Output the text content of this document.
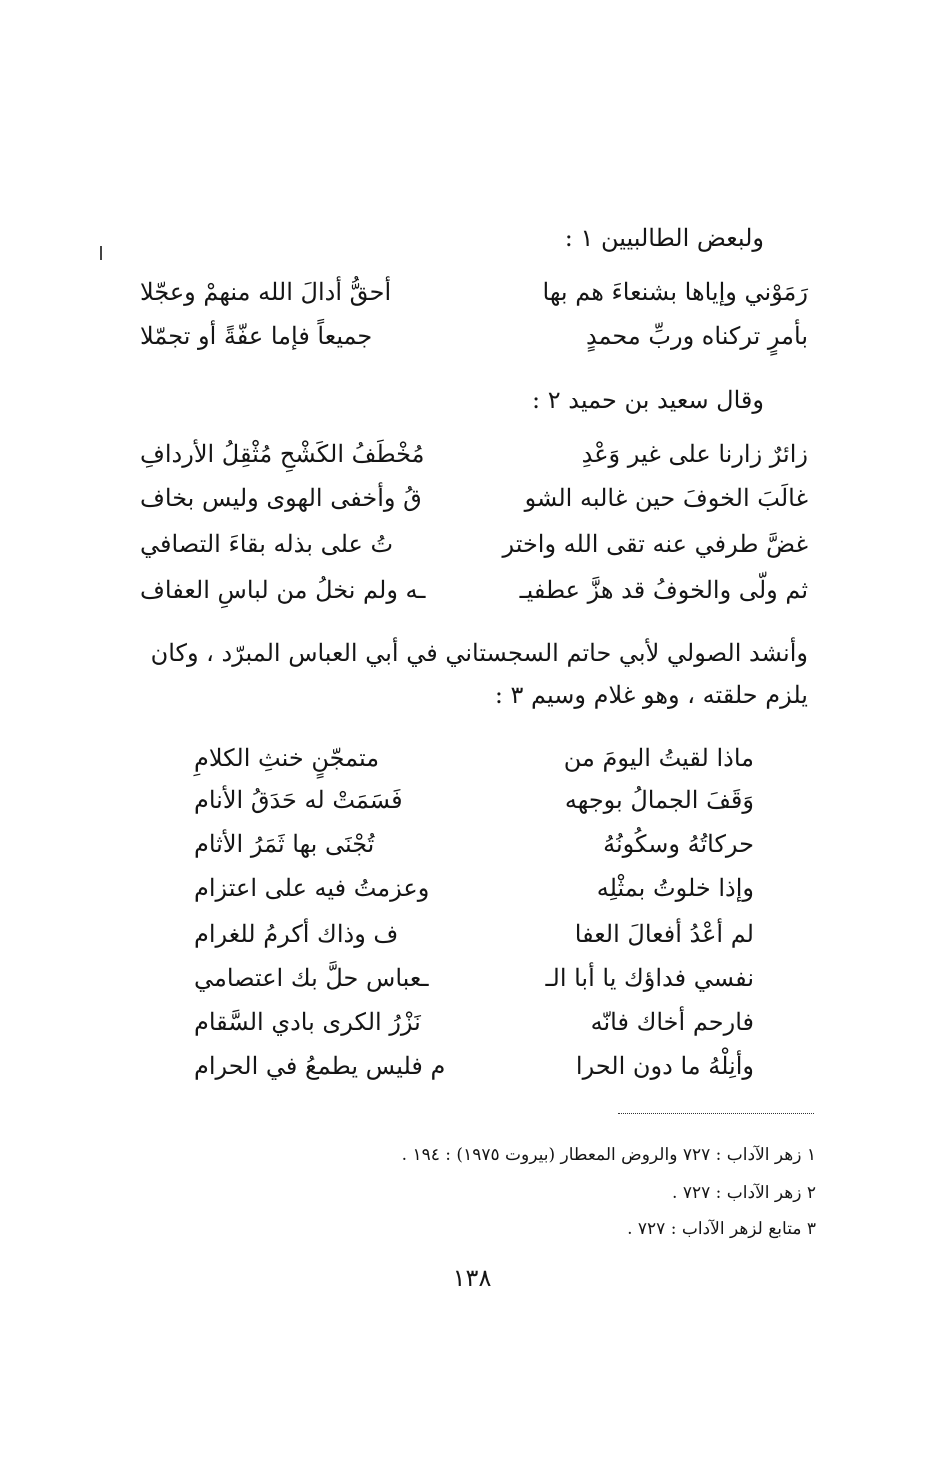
ولبعض الطالبيين ١ :
رَمَوْني وإياها بشنعاءَ هم بها
أحقُّ أدالَ الله منهمْ وعجّلا
بأمرٍ تركناه وربِّ محمدٍ
جميعاً فإما عفّةً أو تجمّلا
وقال سعيد بن حميد ٢ :
زائرٌ زارنا على غير وَعْدِ
مُخْطَفُ الكَشْحِ مُثْقِلُ الأردافِ
غالَبَ الخوفَ حين غالبه الشو
قُ وأخفى الهوى وليس بخاف
غضَّ طرفي عنه تقى الله واختر
تُ على بذله بقاءَ التصافي
ثم ولّى والخوفُ قد هزَّ عطفيـ
ـه ولم نخلُ من لباسِ العفاف
وأنشد الصولي لأبي حاتم السجستاني في أبي العباس المبرّد ، وكان يلزم حلقته ، وهو غلام وسيم ٣ :
ماذا لقيتُ اليومَ من
متمجّنٍ خنثِ الكلامِ
وَقَفَ الجمالُ بوجهه
فَسَمَتْ له حَدَقُ الأنام
حركاتُهُ وسكُونُهُ
تُجْنَى بها ثَمَرُ الأثام
وإذا خلوتُ بمثْلِه
وعزمتُ فيه على اعتزام
لم أعْدُ أفعالَ العفا
ف وذاك أكرمُ للغرام
نفسي فداؤك يا أبا الـ
ـعباس حلَّ بك اعتصامي
فارحم أخاك فانّه
نَزْرُ الكرى بادي السَّقام
وأنِلْهُ ما دون الحرا
م فليس يطمعُ في الحرام
١ زهر الآداب : ٧٢٧ والروض المعطار (بيروت ١٩٧٥) : ١٩٤ .
٢ زهر الآداب : ٧٢٧ .
٣ متابع لزهر الآداب : ٧٢٧ .
١٣٨
